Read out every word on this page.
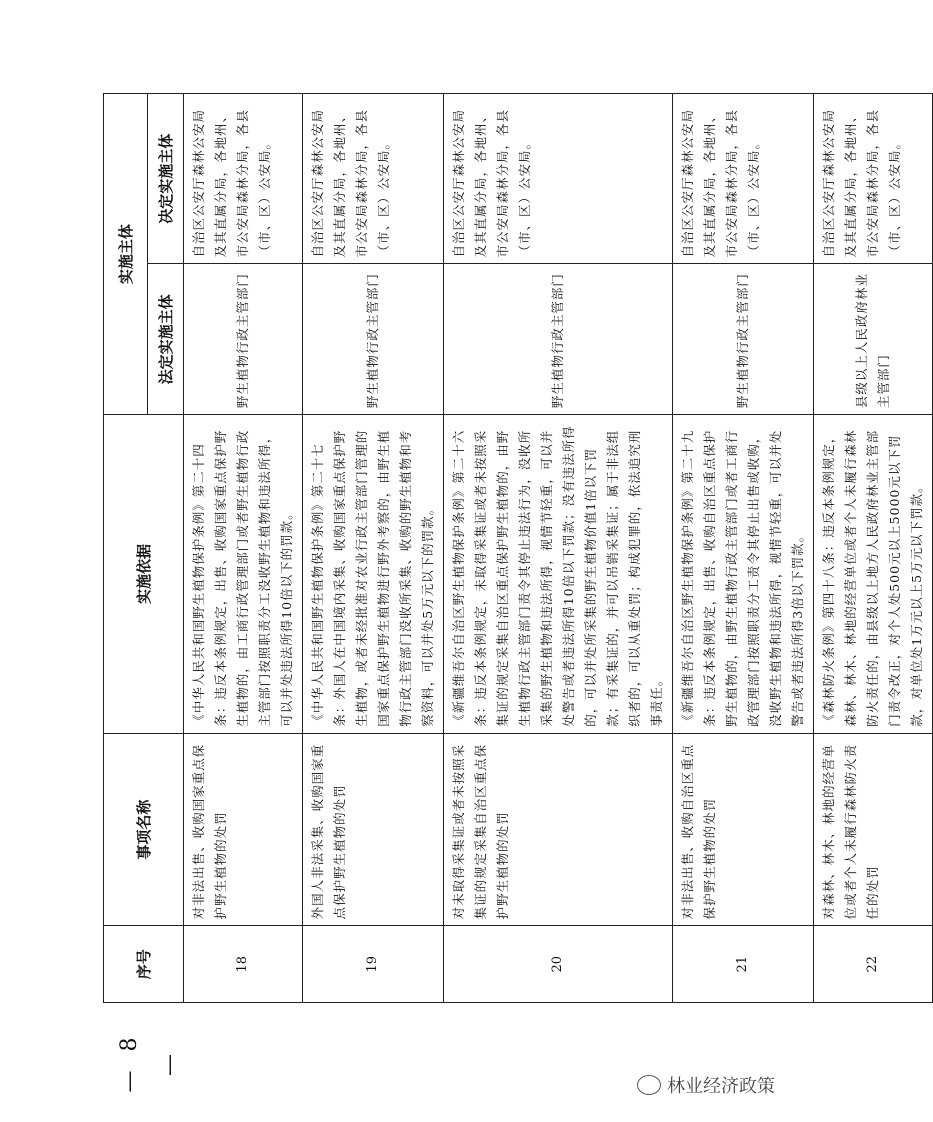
— 8 —
序号	事项名称	实施依据	实施主体	
			法定实施主体	决定实施主体
18	对非法出售、收购国家重点保护野生植物的处罚	《中华人民共和国野生植物保护条例》第二十四条：违反本条例规定，出售、收购国家重点保护野生植物的，由工商行政管理部门或者野生植物行政主管部门按照职责分工没收野生植物和违法所得，可以并处违法所得10倍以下的罚款。	野生植物行政主管部门	自治区公安厅森林公安局及其直属分局，各地州、市公安局森林分局，各县（市、区）公安局。
19	外国人非法采集、收购国家重点保护野生植物的处罚	《中华人民共和国野生植物保护条例》第二十七条：外国人在中国境内采集、收购国家重点保护野生植物，或者未经批准对农业行政主管部门管理的国家重点保护野生植物进行野外考察的，由野生植物行政主管部门没收所采集、收购的野生植物和考察资料，可以并处5万元以下的罚款。	野生植物行政主管部门	自治区公安厅森林公安局及其直属分局，各地州、市公安局森林分局，各县（市、区）公安局。
20	对未取得采集证或者未按照采集证的规定采集自治区重点保护野生植物的处罚	《新疆维吾尔自治区野生植物保护条例》第二十六条：违反本条例规定，未取得采集证或者未按照采集证的规定采集自治区重点保护野生植物的，由野生植物行政主管部门责令其停止违法行为，没收所采集的野生植物和违法所得，视情节轻重，可以并处警告或者违法所得10倍以下罚款；没有违法所得的，可以并处所采集的野生植物价值1倍以下罚款；有采集证的，并可以吊销采集证；属于非法组织者的，可以从重处罚；构成犯罪的，依法追究刑事责任。	野生植物行政主管部门	自治区公安厅森林公安局及其直属分局，各地州、市公安局森林分局，各县（市、区）公安局。
21	对非法出售、收购自治区重点保护野生植物的处罚	《新疆维吾尔自治区野生植物保护条例》第二十九条：违反本条例规定，出售、收购自治区重点保护野生植物的，由野生植物行政主管部门或者工商行政管理部门按照职责分工责令其停止出售或收购，没收野生植物和违法所得，视情节轻重，可以并处警告或者违法所得3倍以下罚款。	野生植物行政主管部门	自治区公安厅森林公安局及其直属分局，各地州、市公安局森林分局，各县（市、区）公安局。
22	对森林、林木、林地的经营单位或者个人未履行森林防火责任的处罚	《森林防火条例》第四十八条：违反本条例规定，森林、林木、林地的经营单位或者个人未履行森林防火责任的，由县级以上地方人民政府林业主管部门责令改正，对个人处500元以上5000元以下罚款，对单位处1万元以上5万元以下罚款。	县级以上人民政府林业主管部门	自治区公安厅森林公安局及其直属分局，各地州、市公安局森林分局，各县（市、区）公安局。
林业经济政策
